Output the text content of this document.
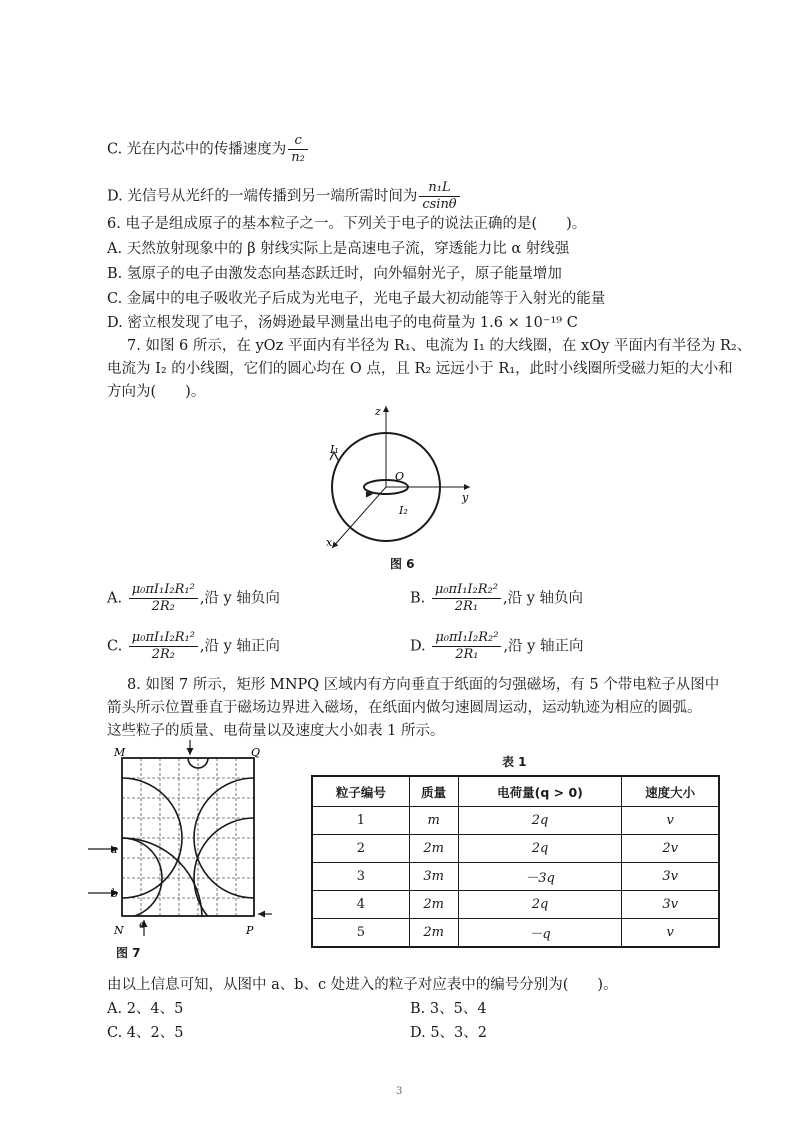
C. 光在内芯中的传播速度为 $\frac{c}{\text{n₂}}$
D. 光信号从光纤的一端传播到另一端所需时间为 $\frac{\text{n₁L}}{csin\theta}$
6. 电子是组成原子的基本粒子之一。下列关于电子的说法正确的是(　　)。
A. 天然放射现象中的 β 射线实际上是高速电子流，穿透能力比 α 射线强
B. 氢原子的电子由激发态向基态跃迁时，向外辐射光子，原子能量增加
C. 金属中的电子吸收光子后成为光电子，光电子最大初动能等于入射光的能量
D. 密立根发现了电子，汤姆逊最早测量出电子的电荷量为 1.6 × 10⁻¹⁹ C
7. 如图 6 所示，在 yOz 平面内有半径为 R₁、电流为 I₁ 的大线圈，在 xOy 平面内有半径为 R₂、
电流为 I₂ 的小线圈，它们的圆心均在 O 点，且 R₂ 远远小于 R₁，此时小线圈所受磁力矩的大小和
方向为(　　)。
z
y
x
I₁
O
I₂
图 6
A. $\frac{\text{μ₀πI₁I₂R₁²}}{\text{2R₂}}$ ,沿 y 轴负向	B. $\frac{\text{μ₀πI₁I₂R₂²}}{\text{2R₁}}$ ,沿 y 轴负向
C. $\frac{\text{μ₀πI₁I₂R₁²}}{\text{2R₂}}$ ,沿 y 轴正向	D. $\frac{\text{μ₀πI₁I₂R₂²}}{\text{2R₁}}$ ,沿 y 轴正向
8. 如图 7 所示，矩形 MNPQ 区域内有方向垂直于纸面的匀强磁场，有 5 个带电粒子从图中
箭头所示位置垂直于磁场边界进入磁场，在纸面内做匀速圆周运动，运动轨迹为相应的圆弧。
这些粒子的质量、电荷量以及速度大小如表 1 所示。
M	Q
N	P
a
b
c
图 7
表 1
粒子编号	质量	电荷量(q > 0)	速度大小
1	m	2q	v
2	2m	2q	2v
3	3m	－3q	3v
4	2m	2q	3v
5	2m	－q	v
由以上信息可知，从图中 a、b、c 处进入的粒子对应表中的编号分别为(　　)。
A. 2、4、5	B. 3、5、4
C. 4、2、5	D. 5、3、2
3
